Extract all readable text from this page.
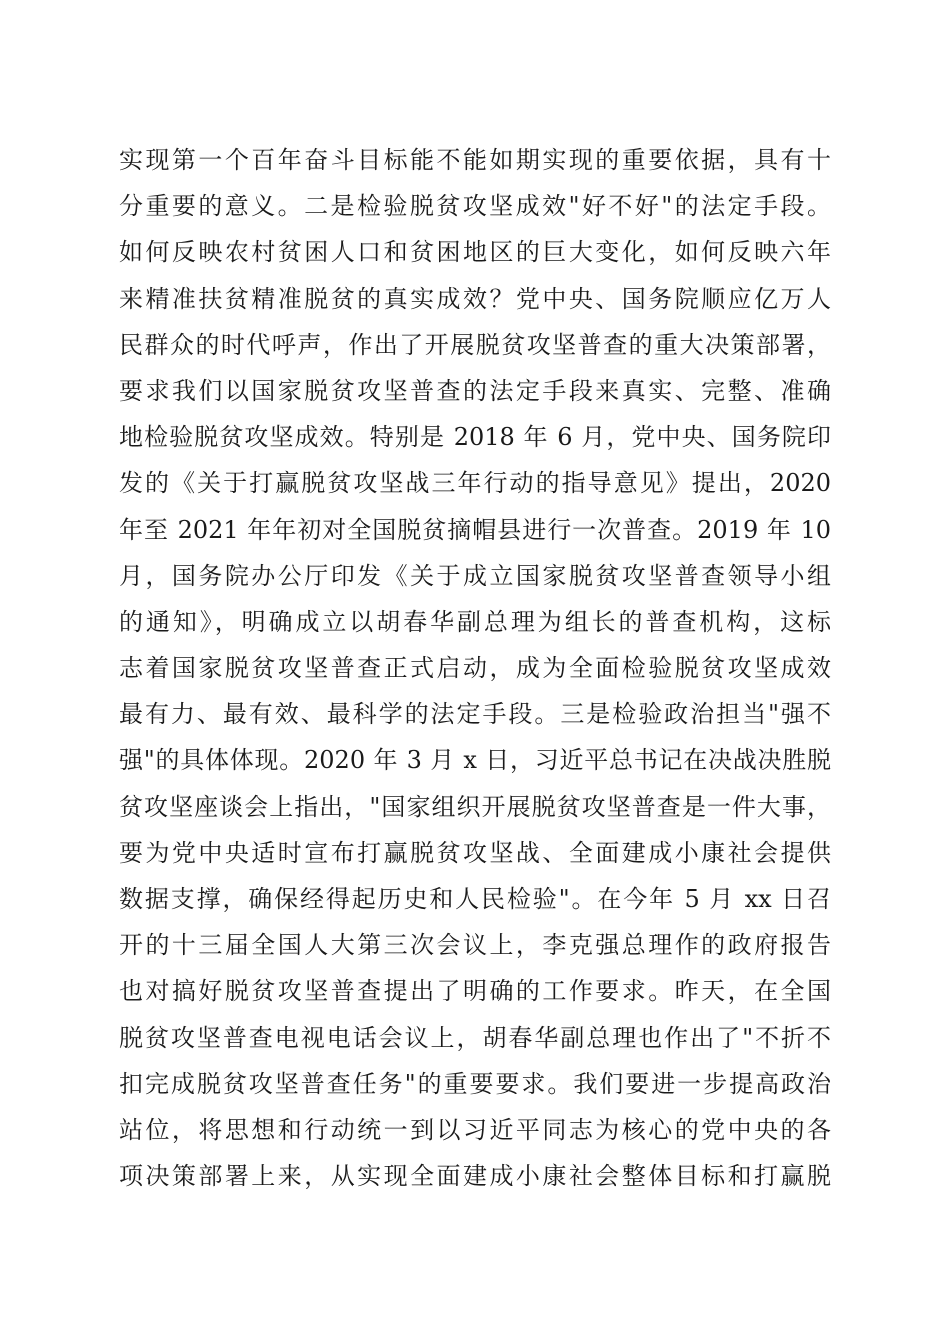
实现第一个百年奋斗目标能不能如期实现的重要依据，具有十
分重要的意义。二是检验脱贫攻坚成效"好不好"的法定手段。
如何反映农村贫困人口和贫困地区的巨大变化，如何反映六年
来精准扶贫精准脱贫的真实成效？党中央、国务院顺应亿万人
民群众的时代呼声，作出了开展脱贫攻坚普查的重大决策部署，
要求我们以国家脱贫攻坚普查的法定手段来真实、完整、准确
地检验脱贫攻坚成效。特别是 2018 年 6 月，党中央、国务院印
发的《关于打赢脱贫攻坚战三年行动的指导意见》提出，2020
年至 2021 年年初对全国脱贫摘帽县进行一次普查。2019 年 10
月，国务院办公厅印发《关于成立国家脱贫攻坚普查领导小组
的通知》，明确成立以胡春华副总理为组长的普查机构，这标
志着国家脱贫攻坚普查正式启动，成为全面检验脱贫攻坚成效
最有力、最有效、最科学的法定手段。三是检验政治担当"强不
强"的具体体现。2020 年 3 月 x 日，习近平总书记在决战决胜脱
贫攻坚座谈会上指出，"国家组织开展脱贫攻坚普查是一件大事，
要为党中央适时宣布打赢脱贫攻坚战、全面建成小康社会提供
数据支撑，确保经得起历史和人民检验"。在今年 5 月 xx 日召
开的十三届全国人大第三次会议上，李克强总理作的政府报告
也对搞好脱贫攻坚普查提出了明确的工作要求。昨天，在全国
脱贫攻坚普查电视电话会议上，胡春华副总理也作出了"不折不
扣完成脱贫攻坚普查任务"的重要要求。我们要进一步提高政治
站位，将思想和行动统一到以习近平同志为核心的党中央的各
项决策部署上来，从实现全面建成小康社会整体目标和打赢脱
